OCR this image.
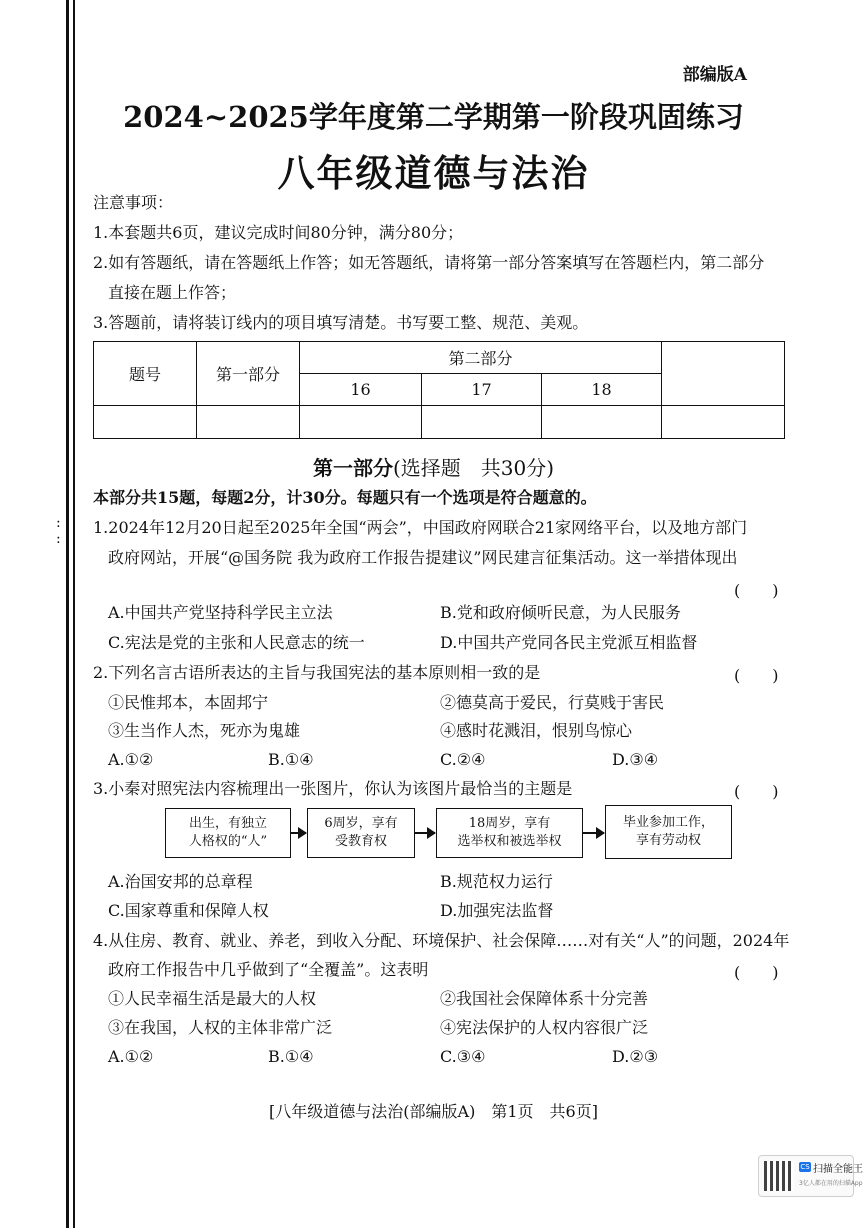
:
:
部编版A
2024~2025学年度第二学期第一阶段巩固练习
八年级道德与法治
注意事项：
1.本套题共6页，建议完成时间80分钟，满分80分；
2.如有答题纸，请在答题纸上作答；如无答题纸，请将第一部分答案填写在答题栏内，第二部分
直接在题上作答；
3.答题前，请将装订线内的项目填写清楚。书写要工整、规范、美观。
题号	第一部分	第二部分			
		16	17	18	

第一部分(选择题　共30分)
本部分共15题，每题2分，计30分。每题只有一个选项是符合题意的。
1.2024年12月20日起至2025年全国“两会”，中国政府网联合21家网络平台，以及地方部门
政府网站，开展“@国务院 我为政府工作报告提建议”网民建言征集活动。这一举措体现出
(　　)
A.中国共产党坚持科学民主立法	B.党和政府倾听民意，为人民服务
C.宪法是党的主张和人民意志的统一	D.中国共产党同各民主党派互相监督
2.下列名言古语所表达的主旨与我国宪法的基本原则相一致的是	(　　)
①民惟邦本，本固邦宁	②德莫高于爱民，行莫贱于害民
③生当作人杰，死亦为鬼雄	④感时花溅泪，恨别鸟惊心
A.①②	B.①④	C.②④	D.③④
3.小秦对照宪法内容梳理出一张图片，你认为该图片最恰当的主题是	(　　)
出生，有独立
人格权的“人”
6周岁，享有
受教育权
18周岁，享有
选举权和被选举权
毕业参加工作，
享有劳动权
A.治国安邦的总章程	B.规范权力运行
C.国家尊重和保障人权	D.加强宪法监督
4.从住房、教育、就业、养老，到收入分配、环境保护、社会保障……对有关“人”的问题，2024年
政府工作报告中几乎做到了“全覆盖”。这表明	(　　)
①人民幸福生活是最大的人权	②我国社会保障体系十分完善
③在我国，人权的主体非常广泛	④宪法保护的人权内容很广泛
A.①②	B.①④	C.③④	D.②③
[八年级道德与法治(部编版A)　第1页　共6页]
CS 扫描全能王
3亿人都在用的扫描App
